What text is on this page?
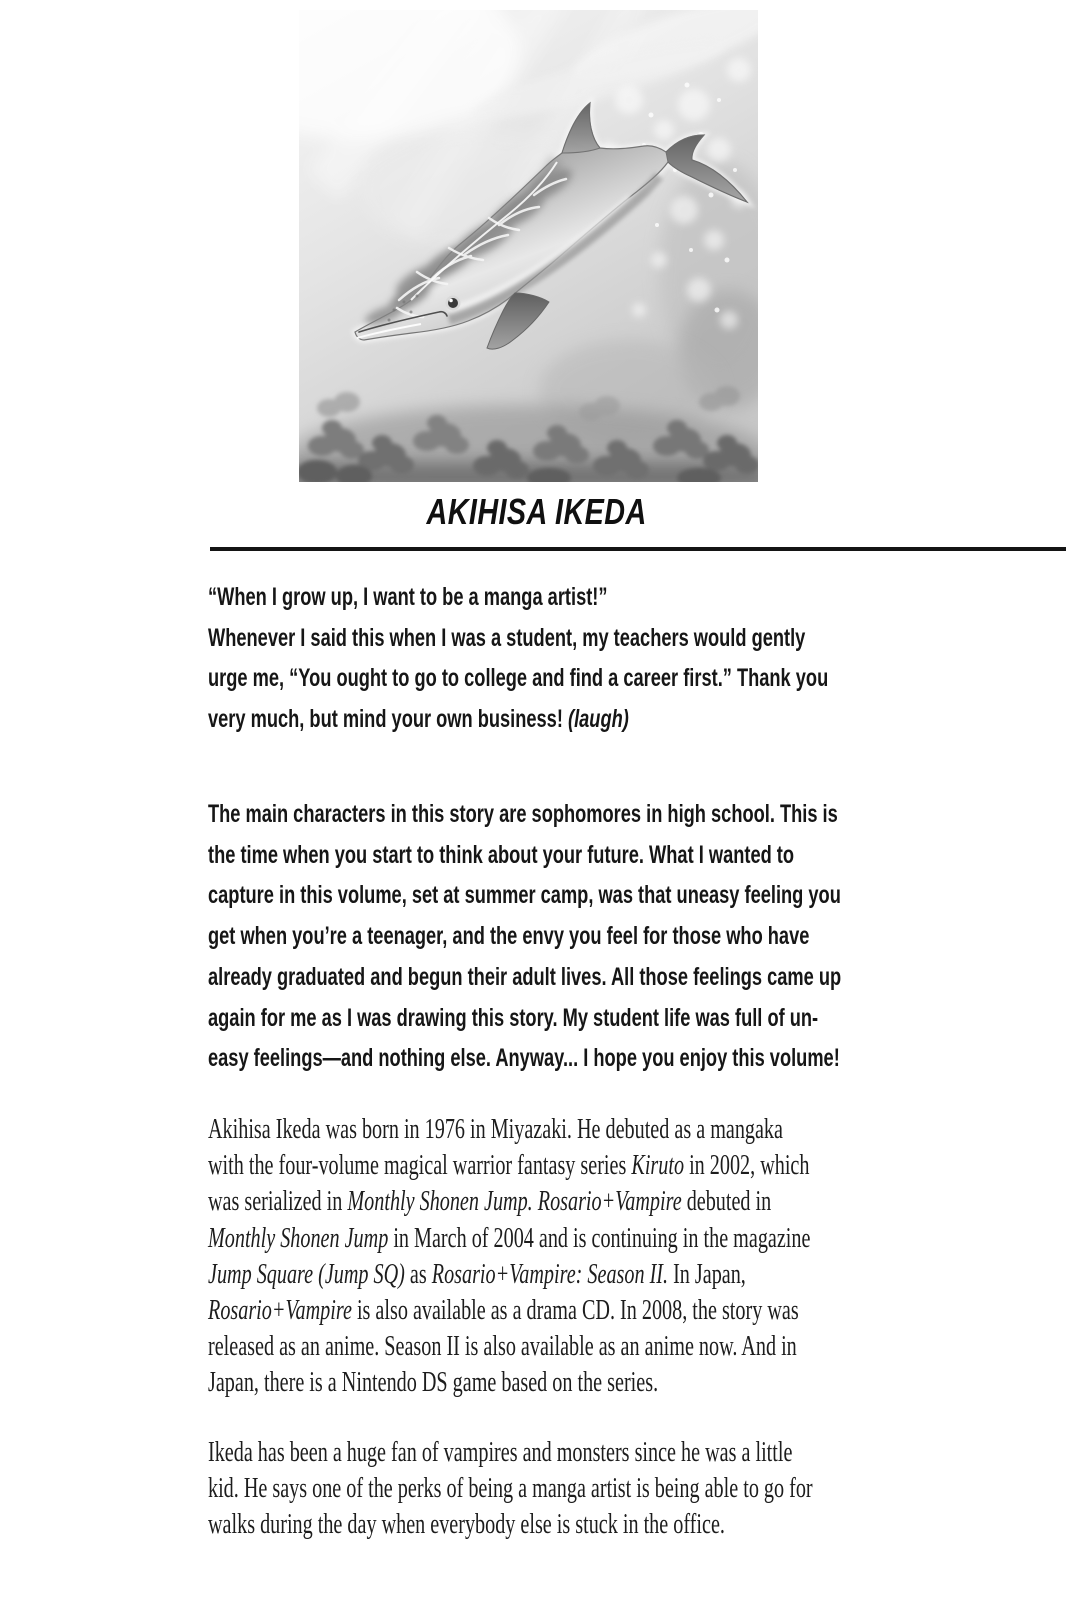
AKIHISA IKEDA
“When I grow up, I want to be a manga artist!”
Whenever I said this when I was a student, my teachers would gently
urge me, “You ought to go to college and find a career first.” Thank you
very much, but mind your own business! (laugh)
The main characters in this story are sophomores in high school. This is
the time when you start to think about your future. What I wanted to
capture in this volume, set at summer camp, was that uneasy feeling you
get when you’re a teenager, and the envy you feel for those who have
already graduated and begun their adult lives. All those feelings came up
again for me as I was drawing this story. My student life was full of un-
easy feelings—and nothing else. Anyway... I hope you enjoy this volume!
Akihisa Ikeda was born in 1976 in Miyazaki. He debuted as a mangaka
with the four-volume magical warrior fantasy series Kiruto in 2002, which
was serialized in Monthly Shonen Jump. Rosario+Vampire debuted in
Monthly Shonen Jump in March of 2004 and is continuing in the magazine
Jump Square (Jump SQ) as Rosario+Vampire: Season II. In Japan,
Rosario+Vampire is also available as a drama CD. In 2008, the story was
released as an anime. Season II is also available as an anime now. And in
Japan, there is a Nintendo DS game based on the series.
Ikeda has been a huge fan of vampires and monsters since he was a little
kid. He says one of the perks of being a manga artist is being able to go for
walks during the day when everybody else is stuck in the office.
